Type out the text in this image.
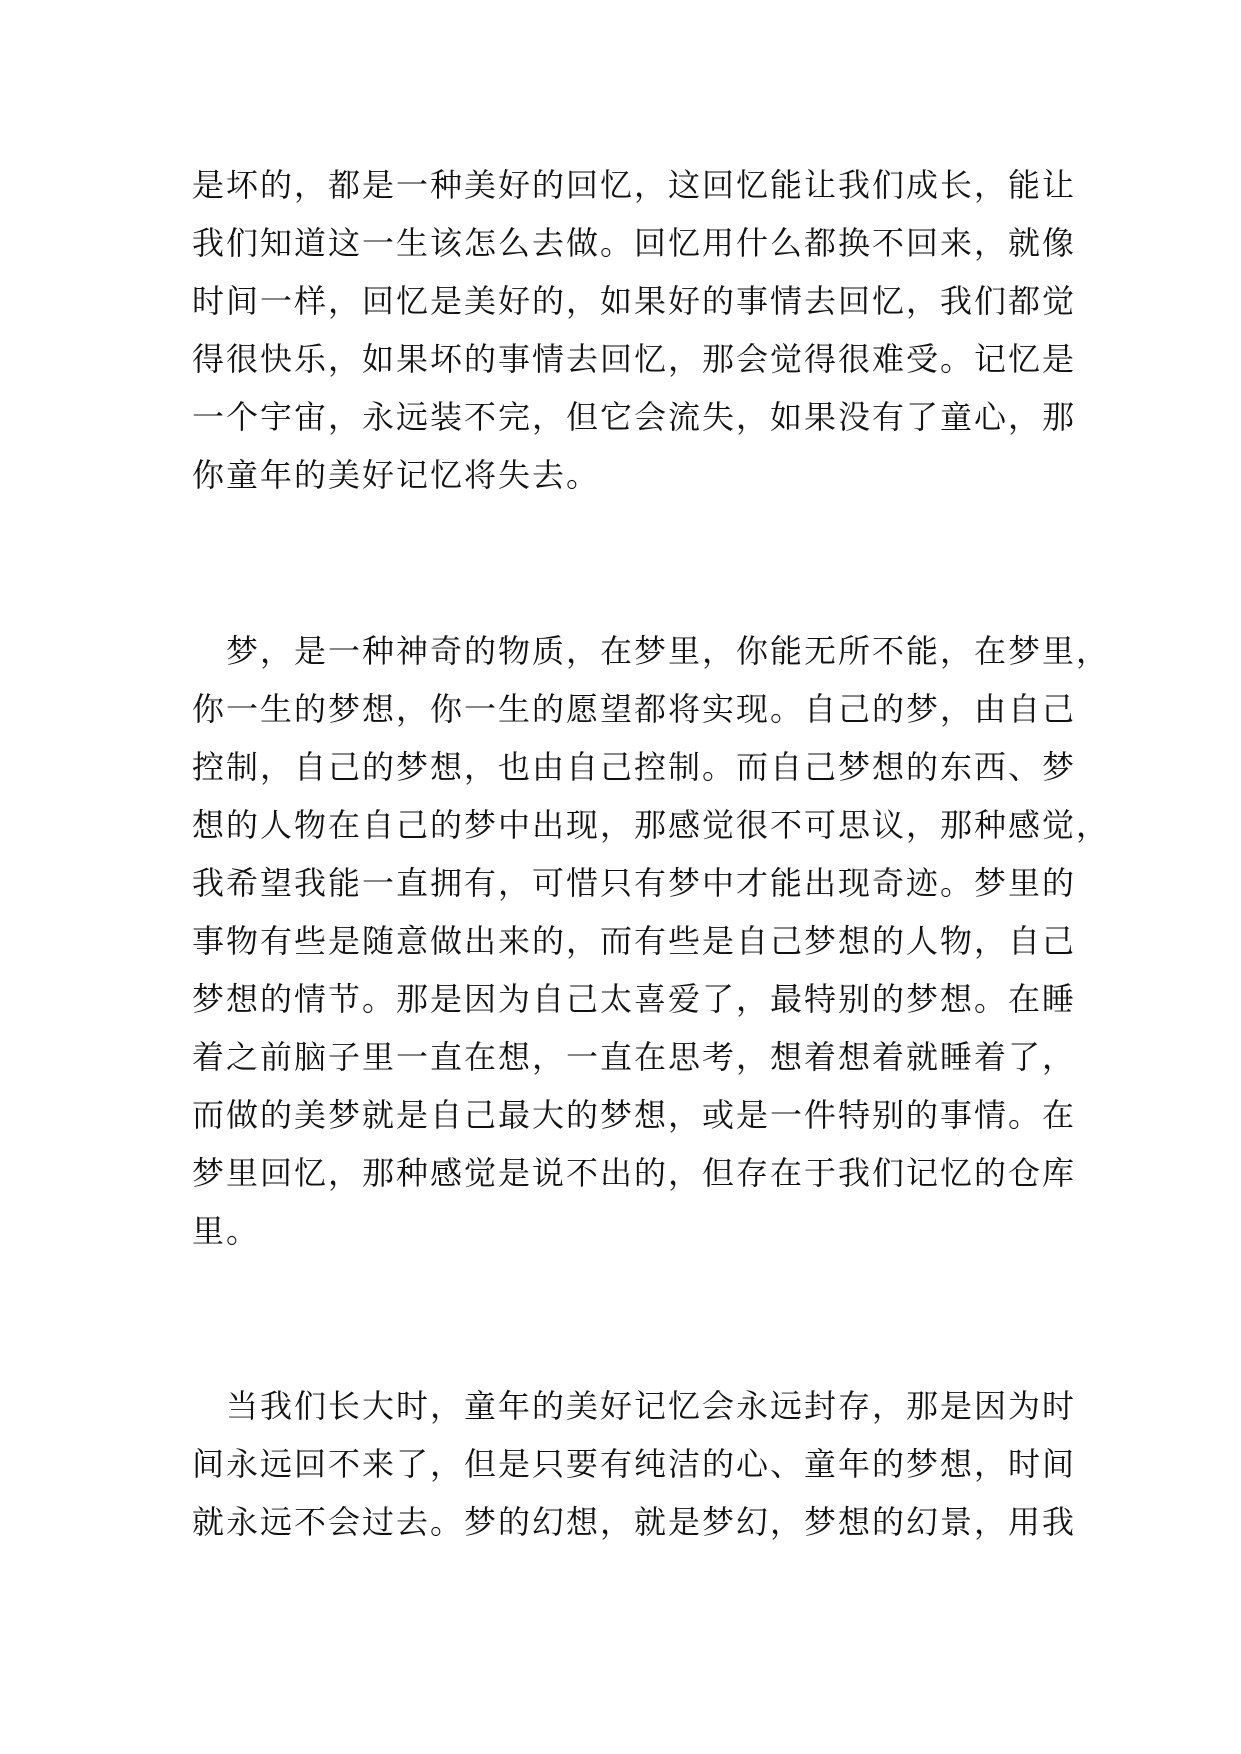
是坏的，都是一种美好的回忆，这回忆能让我们成长，能让
我们知道这一生该怎么去做。回忆用什么都换不回来，就像
时间一样，回忆是美好的，如果好的事情去回忆，我们都觉
得很快乐，如果坏的事情去回忆，那会觉得很难受。记忆是
一个宇宙，永远装不完，但它会流失，如果没有了童心，那
你童年的美好记忆将失去。
　梦，是一种神奇的物质，在梦里，你能无所不能，在梦里，
你一生的梦想，你一生的愿望都将实现。自己的梦，由自己
控制，自己的梦想，也由自己控制。而自己梦想的东西、梦
想的人物在自己的梦中出现，那感觉很不可思议，那种感觉，
我希望我能一直拥有，可惜只有梦中才能出现奇迹。梦里的
事物有些是随意做出来的，而有些是自己梦想的人物，自己
梦想的情节。那是因为自己太喜爱了，最特别的梦想。在睡
着之前脑子里一直在想，一直在思考，想着想着就睡着了，
而做的美梦就是自己最大的梦想，或是一件特别的事情。在
梦里回忆，那种感觉是说不出的，但存在于我们记忆的仓库
里。
　当我们长大时，童年的美好记忆会永远封存，那是因为时
间永远回不来了，但是只要有纯洁的心、童年的梦想，时间
就永远不会过去。梦的幻想，就是梦幻，梦想的幻景，用我
